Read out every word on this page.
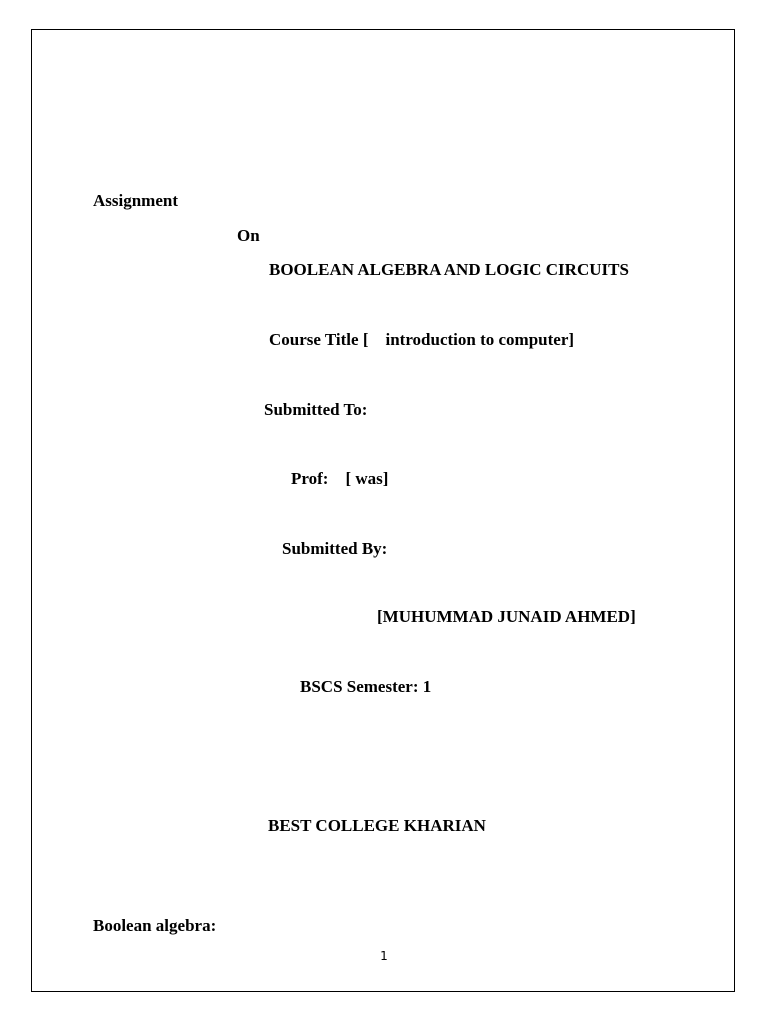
Assignment
On
BOOLEAN ALGEBRA AND LOGIC CIRCUITS
Course Title [    introduction to computer]
Submitted To:
Prof:    [ was]
Submitted By:
[MUHUMMAD JUNAID AHMED]
BSCS Semester: 1
BEST COLLEGE KHARIAN
Boolean algebra:
1
